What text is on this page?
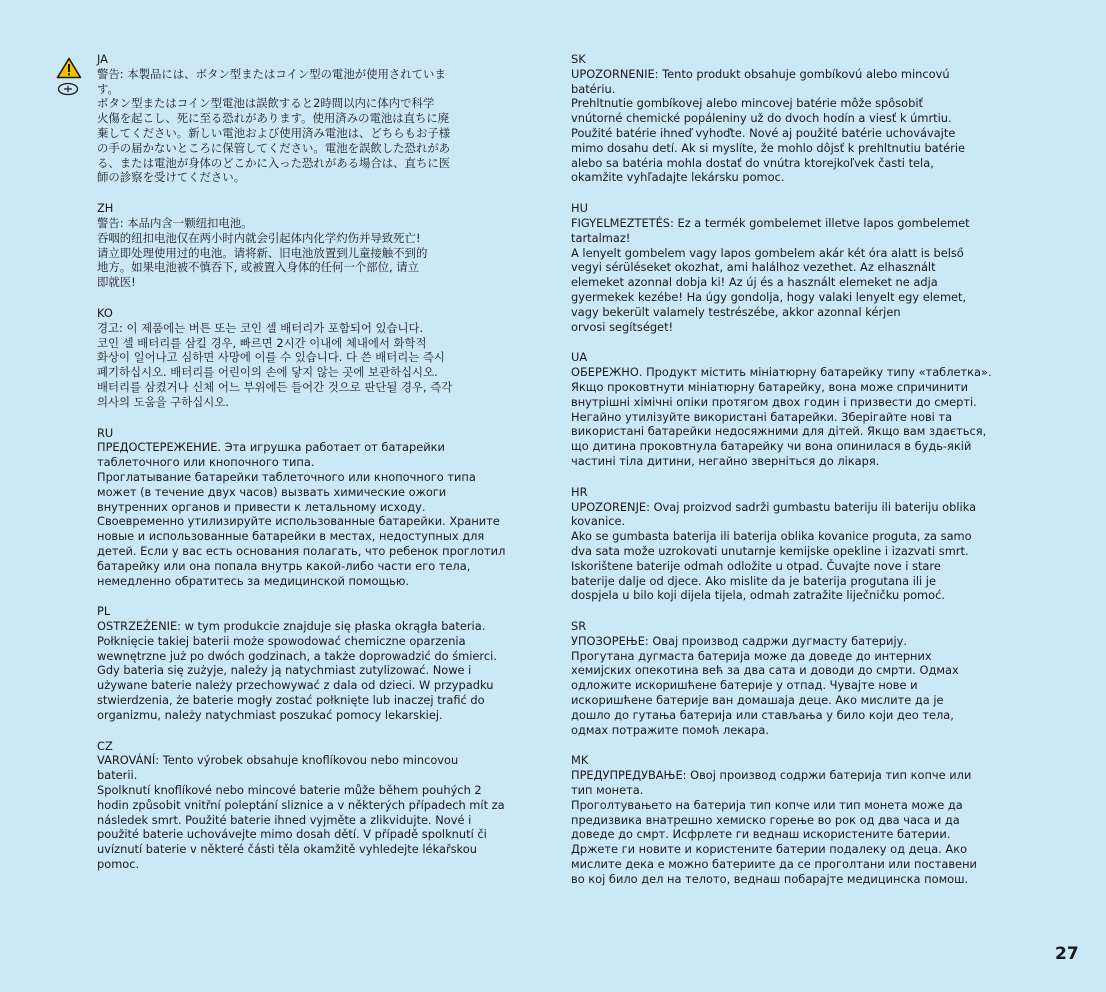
JA

警告: 本製品には、ボタン型またはコイン型の電池が使用されていま

す。

ボタン型またはコイン型電池は誤飲すると2時間以内に体内で科学

火傷を起こし、死に至る恐れがあります。使用済みの電池は直ちに廃

棄してください。新しい電池および使用済み電池は、どちらもお子様

の手の届かないところに保管してください。電池を誤飲した恐れがあ

る、または電池が身体のどこかに入った恐れがある場合は、直ちに医

師の診察を受けてください。

ZH

警告: 本品内含一颗纽扣电池。

吞咽的纽扣电池仅在两小时内就会引起体内化学灼伤并导致死亡!

请立即处理使用过的电池。请将新、旧电池放置到儿童接触不到的

地方。如果电池被不慎吞下, 或被置入身体的任何一个部位, 请立

即就医!

KO

경고: 이 제품에는 버튼 또는 코인 셀 배터리가 포함되어 있습니다.

코인 셀 배터리를 삼킬 경우, 빠르면 2시간 이내에 체내에서 화학적

화상이 일어나고 심하면 사망에 이를 수 있습니다. 다 쓴 배터리는 즉시

폐기하십시오. 배터리를 어린이의 손에 닿지 않는 곳에 보관하십시오.

배터리를 삼켰거나 신체 어느 부위에든 들어간 것으로 판단될 경우, 즉각

의사의 도움을 구하십시오.

RU

ПРЕДОСТЕРЕЖЕНИЕ. Эта игрушка работает от батарейки

таблеточного или кнопочного типа.

Проглатывание батарейки таблеточного или кнопочного типа

может (в течение двух часов) вызвать химические ожоги

внутренних органов и привести к летальному исходу.

Своевременно утилизируйте использованные батарейки. Храните

новые и использованные батарейки в местах, недоступных для

детей. Если у вас есть основания полагать, что ребенок проглотил

батарейку или она попала внутрь какой-либо части его тела,

немедленно обратитесь за медицинской помощью.

PL

OSTRZEŻENIE: w tym produkcie znajduje się płaska okrągła bateria.

Połknięcie takiej baterii może spowodować chemiczne oparzenia

wewnętrzne już po dwóch godzinach, a także doprowadzić do śmierci.

Gdy bateria się zużyje, należy ją natychmiast zutylizować. Nowe i

używane baterie należy przechowywać z dala od dzieci. W przypadku

stwierdzenia, że baterie mogły zostać połknięte lub inaczej trafić do

organizmu, należy natychmiast poszukać pomocy lekarskiej.

CZ

VAROVÁNÍ: Tento výrobek obsahuje knoflíkovou nebo mincovou

baterii.

Spolknutí knoflíkové nebo mincové baterie může během pouhých 2

hodin způsobit vnitřní poleptání sliznice a v některých případech mít za

následek smrt. Použité baterie ihned vyjměte a zlikvidujte. Nové i

použité baterie uchovávejte mimo dosah dětí. V případě spolknutí či

uvíznutí baterie v některé části těla okamžitě vyhledejte lékařskou

pomoc.

SK

UPOZORNENIE: Tento produkt obsahuje gombíkovú alebo mincovú

batériu.

Prehltnutie gombíkovej alebo mincovej batérie môže spôsobiť

vnútorné chemické popáleniny už do dvoch hodín a viesť k úmrtiu.

Použité batérie ihneď vyhoďte. Nové aj použité batérie uchovávajte

mimo dosahu detí. Ak si myslíte, že mohlo dôjsť k prehltnutiu batérie

alebo sa batéria mohla dostať do vnútra ktorejkoľvek časti tela,

okamžite vyhľadajte lekársku pomoc.

HU

FIGYELMEZTETÉS: Ez a termék gombelemet illetve lapos gombelemet

tartalmaz!

A lenyelt gombelem vagy lapos gombelem akár két óra alatt is belső

vegyi sérüléseket okozhat, ami halálhoz vezethet. Az elhasznált

elemeket azonnal dobja ki! Az új és a használt elemeket ne adja

gyermekek kezébe! Ha úgy gondolja, hogy valaki lenyelt egy elemet,

vagy bekerült valamely testrészébe, akkor azonnal kérjen

orvosi segítséget!

UA

ОБЕРЕЖНО. Продукт містить мініатюрну батарейку типу «таблетка».

Якщо проковтнути мініатюрну батарейку, вона може спричинити

внутрішні хімічні опіки протягом двох годин і призвести до смерті.

Негайно утилізуйте використані батарейки. Зберігайте нові та

використані батарейки недосяжними для дітей. Якщо вам здається,

що дитина проковтнула батарейку чи вона опинилася в будь-якій

частині тіла дитини, негайно зверніться до лікаря.

HR

UPOZORENJE: Ovaj proizvod sadrži gumbastu bateriju ili bateriju oblika

kovanice.

Ako se gumbasta baterija ili baterija oblika kovanice proguta, za samo

dva sata može uzrokovati unutarnje kemijske opekline i izazvati smrt.

Iskorištene baterije odmah odložite u otpad. Čuvajte nove i stare

baterije dalje od djece. Ako mislite da je baterija progutana ili je

dospjela u bilo koji dijela tijela, odmah zatražite liječničku pomoć.

SR

УПОЗОРЕЊЕ: Овај производ садржи дугмасту батерију.

Прогутана дугмаста батерија може да доведе до интерних

хемијских опекотина већ за два сата и доводи до смрти. Одмах

одложите искоришћене батерије у отпад. Чувајте нове и

искоришћене батерије ван домашаја деце. Ако мислите да је

дошло до гутања батерија или стављања у било који део тела,

одмах потражите помоћ лекара.

MK

ПРЕДУПРЕДУВАЊЕ: Овој производ содржи батерија тип копче или

тип монета.

Проголтувањето на батерија тип копче или тип монета може да

предизвика внатрешно хемиско горење во рок од два часа и да

доведе до смрт. Исфрлете ги веднаш искористените батерии.

Држете ги новите и користените батерии подалеку од деца. Ако

мислите дека е можно батериите да се проголтани или поставени

во кој било дел на телото, веднаш побарајте медицинска помош.

27
